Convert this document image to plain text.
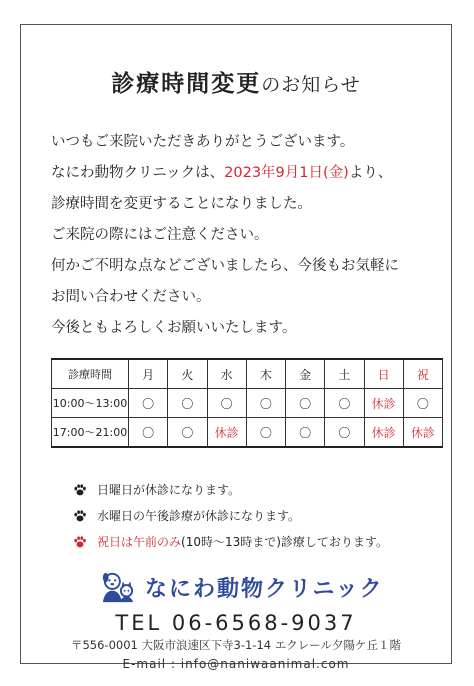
診療時間変更のお知らせ
いつもご来院いただきありがとうございます。
なにわ動物クリニックは、2023年9月1日(金)より、
診療時間を変更することになりました。
ご来院の際にはご注意ください。
何かご不明な点などございましたら、今後もお気軽に
お問い合わせください。
今後ともよろしくお願いいたします。
診療時間	月	火	水	木	金	土	日	祝
10:00〜13:00	〇	〇	〇	〇	〇	〇	休診	〇
17:00〜21:00	〇	〇	休診	〇	〇	〇	休診	休診
日曜日が休診になります。
水曜日の午後診療が休診になります。
祝日は午前のみ(10時〜13時まで)診療しております。
なにわ動物クリニック
TEL 06-6568-9037
〒556-0001 大阪市浪速区下寺3-1-14 エクレール夕陽ケ丘１階
E-mail : info@naniwaanimal.com
